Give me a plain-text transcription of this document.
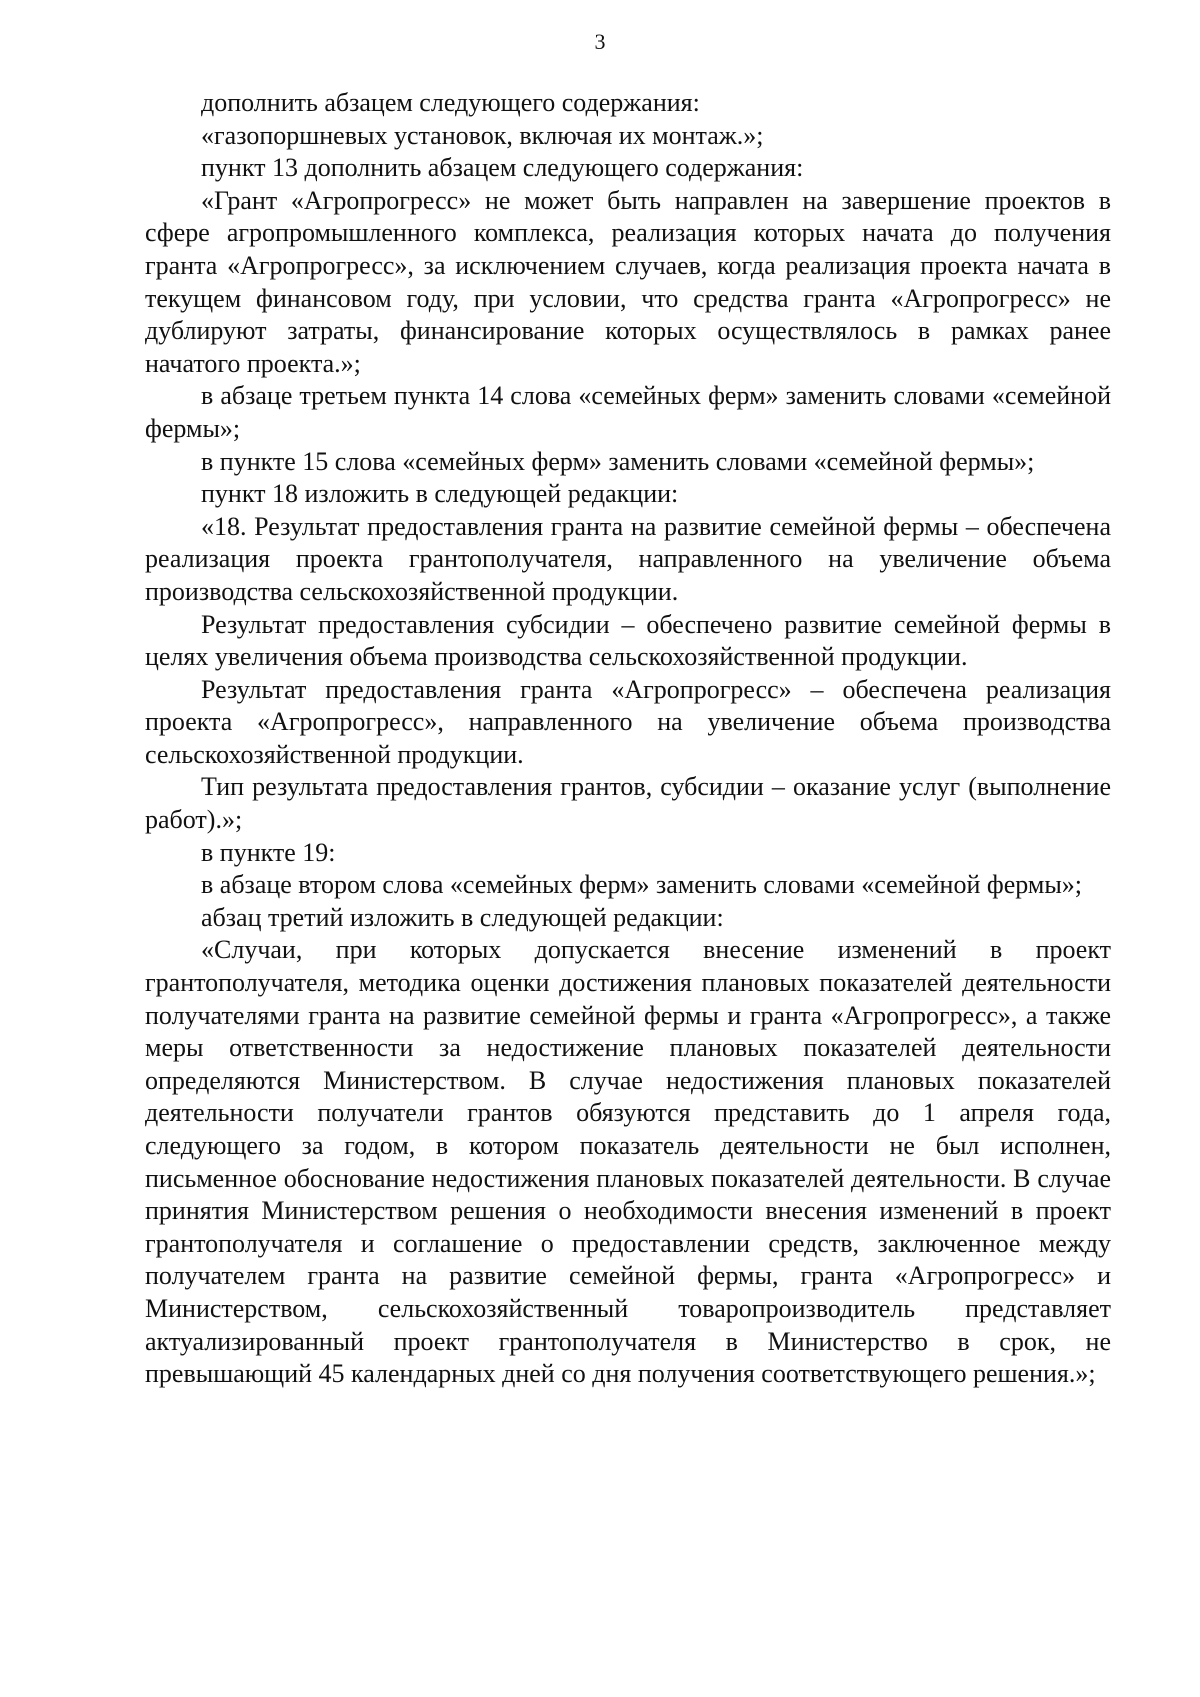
3

дополнить абзацем следующего содержания:

«газопоршневых установок, включая их монтаж.»;

пункт 13 дополнить абзацем следующего содержания:

«Грант «Агропрогресс» не может быть направлен на завершение проектов в сфере агропромышленного комплекса, реализация которых начата до получения гранта «Агропрогресс», за исключением случаев, когда реализация проекта начата в текущем финансовом году, при условии, что средства гранта «Агропрогресс» не дублируют затраты, финансирование которых осуществлялось в рамках ранее начатого проекта.»;

в абзаце третьем пункта 14 слова «семейных ферм» заменить словами «семейной фермы»;

в пункте 15 слова «семейных ферм» заменить словами «семейной фермы»;

пункт 18 изложить в следующей редакции:

«18. Результат предоставления гранта на развитие семейной фермы – обеспечена реализация проекта грантополучателя, направленного на увеличение объема производства сельскохозяйственной продукции.

Результат предоставления субсидии – обеспечено развитие семейной фермы в целях увеличения объема производства сельскохозяйственной продукции.

Результат предоставления гранта «Агропрогресс» – обеспечена реализация проекта «Агропрогресс», направленного на увеличение объема производства сельскохозяйственной продукции.

Тип результата предоставления грантов, субсидии – оказание услуг (выполнение работ).»;

в пункте 19:

в абзаце втором слова «семейных ферм» заменить словами «семейной фермы»;

абзац третий изложить в следующей редакции:

«Случаи, при которых допускается внесение изменений в проект грантополучателя, методика оценки достижения плановых показателей деятельности получателями гранта на развитие семейной фермы и гранта «Агропрогресс», а также меры ответственности за недостижение плановых показателей деятельности определяются Министерством. В случае недостижения плановых показателей деятельности получатели грантов обязуются представить до 1 апреля года, следующего за годом, в котором показатель деятельности не был исполнен, письменное обоснование недостижения плановых показателей деятельности. В случае принятия Министерством решения о необходимости внесения изменений в проект грантополучателя и соглашение о предоставлении средств, заключенное между получателем гранта на развитие семейной фермы, гранта «Агропрогресс» и Министерством, сельскохозяйственный товаропроизводитель представляет актуализированный проект грантополучателя в Министерство в срок, не превышающий 45 календарных дней со дня получения соответствующего решения.»;
